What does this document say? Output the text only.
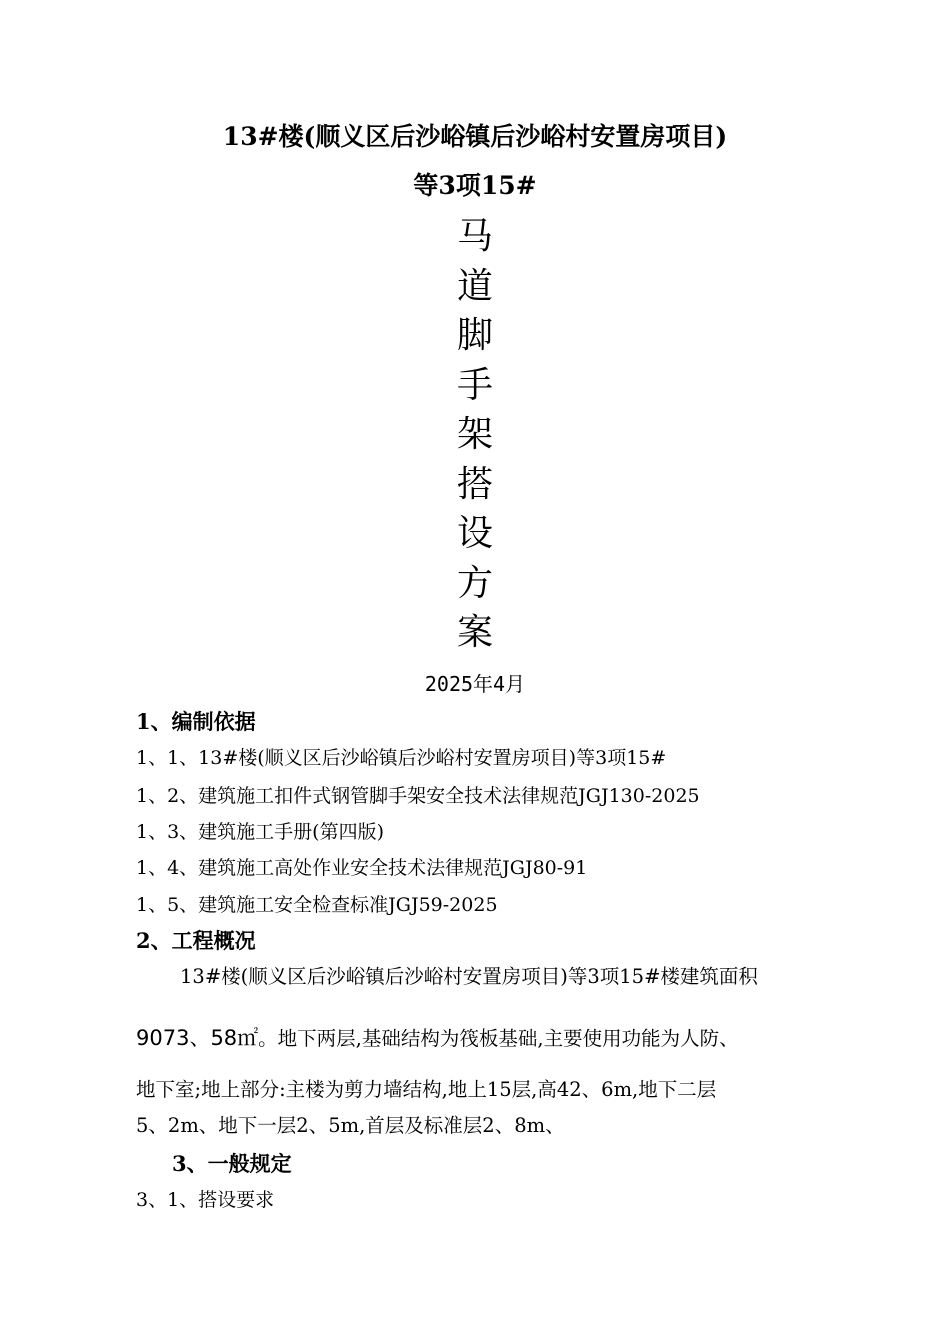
13#楼(顺义区后沙峪镇后沙峪村安置房项目)
等3项15#
马
道
脚
手
架
搭
设
方
案
2025年4月
1、编制依据
1、1、13#楼(顺义区后沙峪镇后沙峪村安置房项目)等3项15#
1、2、建筑施工扣件式钢管脚手架安全技术法律规范JGJ130-2025
1、3、建筑施工手册(第四版)
1、4、建筑施工高处作业安全技术法律规范JGJ80-91
1、5、建筑施工安全检查标准JGJ59-2025
2、工程概况
13#楼(顺义区后沙峪镇后沙峪村安置房项目)等3项15#楼建筑面积
9073、58㎡。地下两层,基础结构为筏板基础,主要使用功能为人防、
地下室;地上部分:主楼为剪力墙结构,地上15层,高42、6m,地下二层
5、2m、地下一层2、5m,首层及标准层2、8m、
3、一般规定
3、1、搭设要求
